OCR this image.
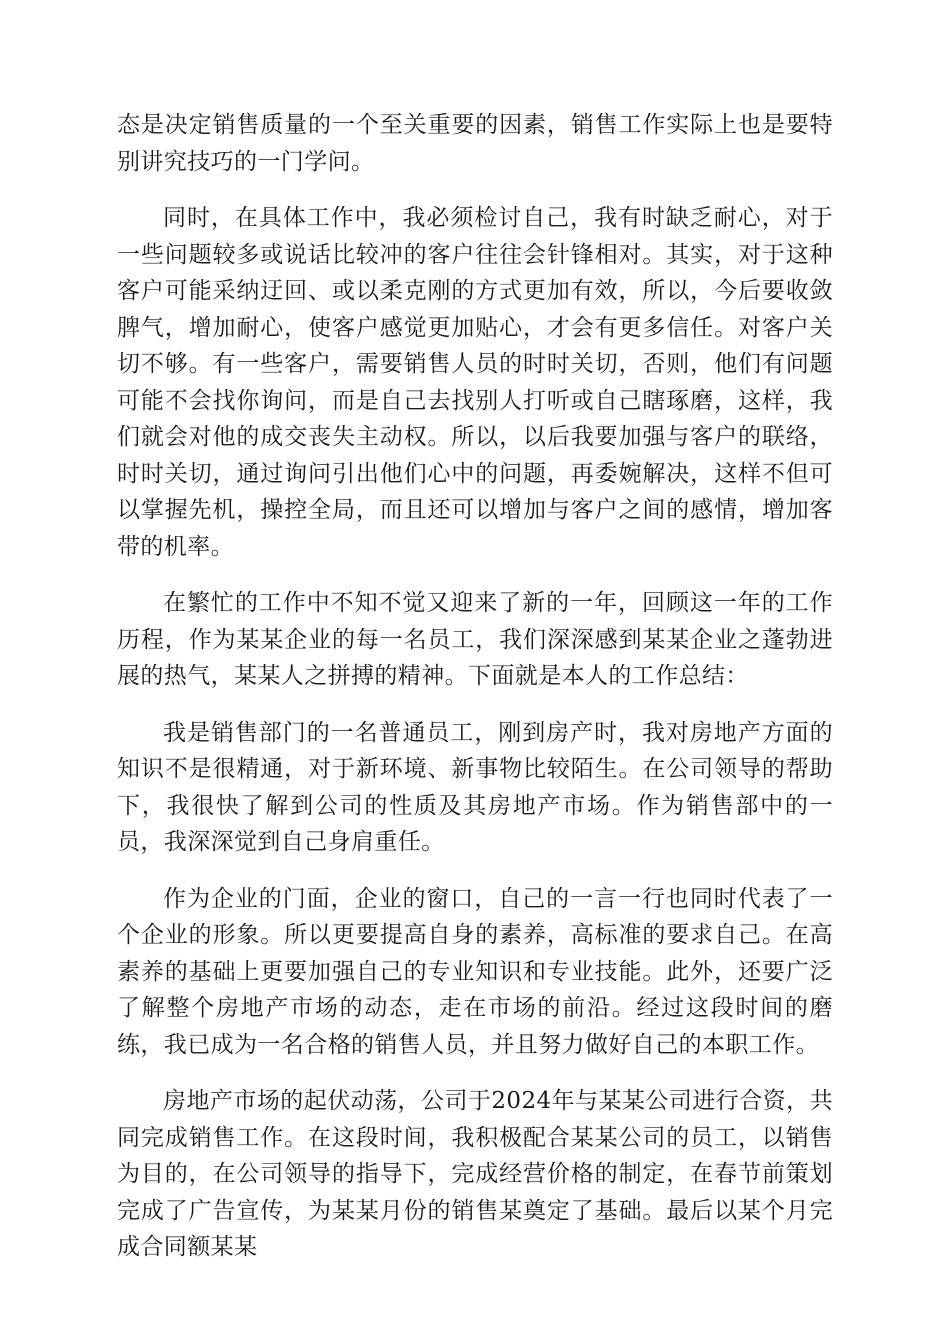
态是决定销售质量的一个至关重要的因素，销售工作实际上也是要特别讲究技巧的一门学问。

同时，在具体工作中，我必须检讨自己，我有时缺乏耐心，对于一些问题较多或说话比较冲的客户往往会针锋相对。其实，对于这种客户可能采纳迂回、或以柔克刚的方式更加有效，所以，今后要收敛脾气，增加耐心，使客户感觉更加贴心，才会有更多信任。对客户关切不够。有一些客户，需要销售人员的时时关切，否则，他们有问题可能不会找你询问，而是自己去找别人打听或自己瞎琢磨，这样，我们就会对他的成交丧失主动权。所以，以后我要加强与客户的联络，时时关切，通过询问引出他们心中的问题，再委婉解决，这样不但可以掌握先机，操控全局，而且还可以增加与客户之间的感情，增加客带的机率。

在繁忙的工作中不知不觉又迎来了新的一年，回顾这一年的工作历程，作为某某企业的每一名员工，我们深深感到某某企业之蓬勃进展的热气，某某人之拼搏的精神。下面就是本人的工作总结：

我是销售部门的一名普通员工，刚到房产时，我对房地产方面的知识不是很精通，对于新环境、新事物比较陌生。在公司领导的帮助下，我很快了解到公司的性质及其房地产市场。作为销售部中的一员，我深深觉到自己身肩重任。

作为企业的门面，企业的窗口，自己的一言一行也同时代表了一个企业的形象。所以更要提高自身的素养，高标准的要求自己。在高素养的基础上更要加强自己的专业知识和专业技能。此外，还要广泛了解整个房地产市场的动态，走在市场的前沿。经过这段时间的磨练，我已成为一名合格的销售人员，并且努力做好自己的本职工作。

房地产市场的起伏动荡，公司于2024年与某某公司进行合资，共同完成销售工作。在这段时间，我积极配合某某公司的员工，以销售为目的，在公司领导的指导下，完成经营价格的制定，在春节前策划完成了广告宣传，为某某月份的销售某奠定了基础。最后以某个月完成合同额某某
